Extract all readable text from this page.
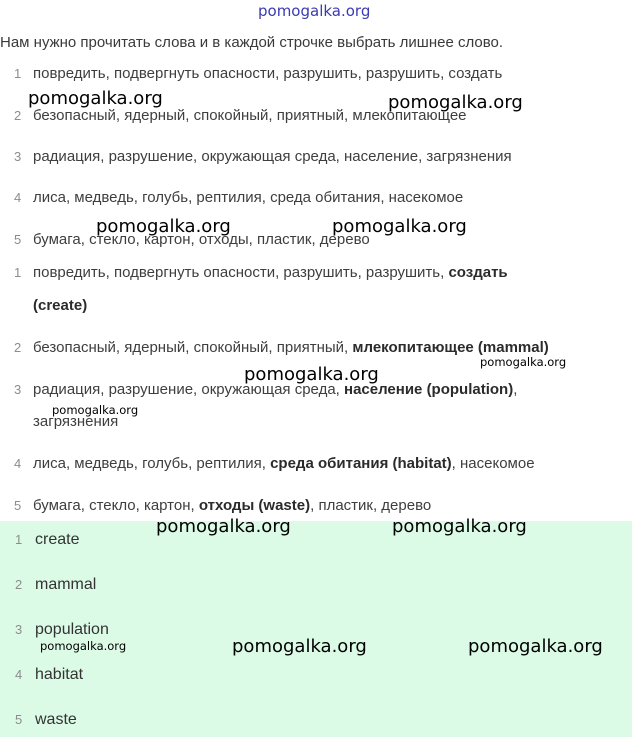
pomogalka.org
Нам нужно прочитать слова и в каждой строчке выбрать лишнее слово.
1 повредить, подвергнуть опасности, разрушить, разрушить, создать
2 безопасный, ядерный, спокойный, приятный, млекопитающее
3 радиация, разрушение, окружающая среда, население, загрязнения
4 лиса, медведь, голубь, рептилия, среда обитания, насекомое
5 бумага, стекло, картон, отходы, пластик, дерево
1 повредить, подвергнуть опасности, разрушить, разрушить, создать
(create)
2 безопасный, ядерный, спокойный, приятный, млекопитающее (mammal)
3 радиация, разрушение, окружающая среда, население (population),
загрязнения
4 лиса, медведь, голубь, рептилия, среда обитания (habitat), насекомое
5 бумага, стекло, картон, отходы (waste), пластик, дерево
1 create
2 mammal
3 population
4 habitat
5 waste
pomogalka.org	pomogalka.org
pomogalka.org	pomogalka.org
pomogalka.org
pomogalka.org
pomogalka.org
pomogalka.org	pomogalka.org
pomogalka.org	pomogalka.org	pomogalka.org
